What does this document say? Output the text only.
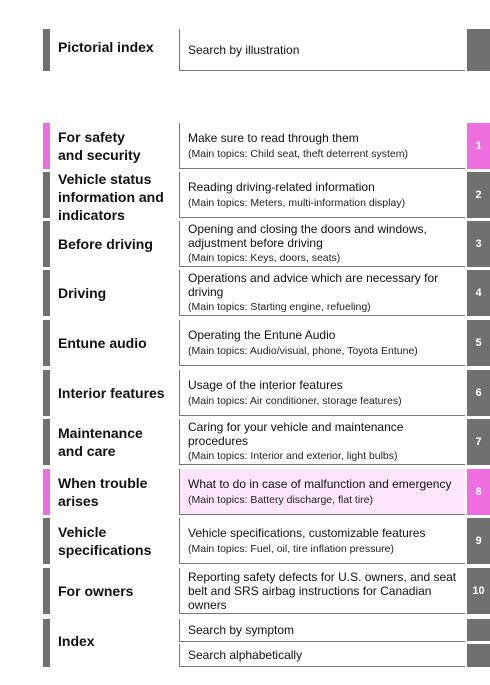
Pictorial index	Search by illustration
For safety
and security
Make sure to read through them
(Main topics: Child seat, theft deterrent system)
1
Vehicle status
information and
indicators
Reading driving-related information
(Main topics: Meters, multi-information display)
2
Before driving
Opening and closing the doors and windows, adjustment before driving
(Main topics: Keys, doors, seats)
3
Driving
Operations and advice which are necessary for driving
(Main topics: Starting engine, refueling)
4
Entune audio
Operating the Entune Audio
(Main topics: Audio/visual, phone, Toyota Entune)
5
Interior features
Usage of the interior features
(Main topics: Air conditioner, storage features)
6
Maintenance
and care
Caring for your vehicle and maintenance procedures
(Main topics: Interior and exterior, light bulbs)
7
When trouble
arises
What to do in case of malfunction and emergency
(Main topics: Battery discharge, flat tire)
8
Vehicle
specifications
Vehicle specifications, customizable features
(Main topics: Fuel, oil, tire inflation pressure)
9
For owners
Reporting safety defects for U.S. owners, and seat belt and SRS airbag instructions for Canadian owners
10
Index
Search by symptom
Search alphabetically
